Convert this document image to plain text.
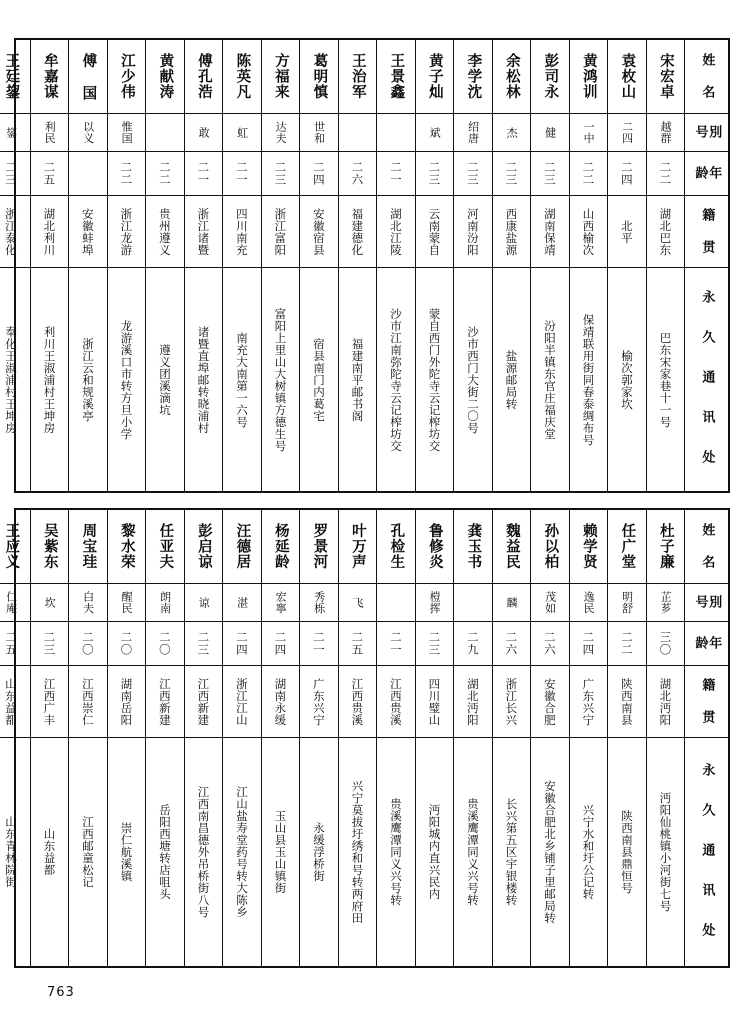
姓 名
別 号
年 龄
籍 贯
永 久 通 讯 处
宋宏卓
越群
二二
湖北巴东
巴东宋家巷十一号
袁枚山
二四
二四
北平
榆次郭家坎
黄鸿训
一中
二二
山西榆次
保靖联用街同春泰绸布号
彭司永
健
二三
湖南保靖
汾阳半镇东官庄福庆堂
余松林
杰
二三
西康盐源
盐源邮局转
李学沈
绍唐
二三
河南汾阳
沙市西门大街二〇号
黄子灿
斌
二三
云南蒙自
蒙自西门外陀寺云记榨坊交
王景鑫
二一
湖北江陵
沙市江南弥陀寺云记榨坊交
王治军
二六
福建德化
福建南平邮书阁
葛明慎
世和
二四
安徽宿县
宿县南门内葛宅
方福来
达夫
二三
浙江富阳
富阳上里山大树镇方德生号
陈英凡
虹
二一
四川南充
南充大南第一六号
傅孔浩
敢
二一
浙江诸暨
诸暨直埠邮转晓浦村
黄献涛
二二
贵州遵义
遵义团溪滴坑
江少伟
惟国
二二
浙江龙游
龙游溪口市转方旦小学
傅 国
以义
安徽蚌埠
浙江云和规溪亭
牟嘉谋
利民
二五
湖北利川
利川王淑浦村王坤房
王廷鋆
鋆
二三
浙江泰化
奉化王淑浦村王坤房
姓 名
別 号
年 龄
籍 贯
永 久 通 讯 处
杜子廉
芷芗
三〇
湖北沔阳
沔阳仙桃镇小河街七号
任广堂
明舒
二二
陕西南县
陕西南县鼎恒号
赖学贤
逸民
二四
广东兴宁
兴宁水和圩公记转
孙以柏
茂如
二六
安徽合肥
安徽合肥北乡铺子里邮局转
魏益民
麟
二六
浙江长兴
长兴第五区宇银楼转
龚玉书
二九
湖北沔阳
贵溪鹰潭同义兴号转
鲁修炎
榿挥
二三
四川璧山
沔阳城内直兴民内
孔检生
二一
江西贵溪
贵溪鹰潭同义兴号转
叶万声
飞
二五
江西贵溪
兴宁莫拔圩绣和号转两府田
罗景河
秀栎
二一
广东兴宁
永缓浮桥街
杨延龄
宏寧
二四
湖南永缓
玉山县玉山镇街
汪德居
湛
二四
浙江江山
江山盐寿堂药号转大陈乡
彭启谅
谅
二三
江西新建
江西南昌德外吊桥街八号
任亚夫
朗南
二〇
江西新建
岳阳西塘转店咀头
黎水荣
醒民
二〇
湖南岳阳
崇仁航溪镇
周宝珪
白夫
二〇
江西崇仁
江西邮童松记
吴紫东
坎
二三
江西广丰
山东益都
王应义
仁庵
二五
山东益都
山东青林院街
763
